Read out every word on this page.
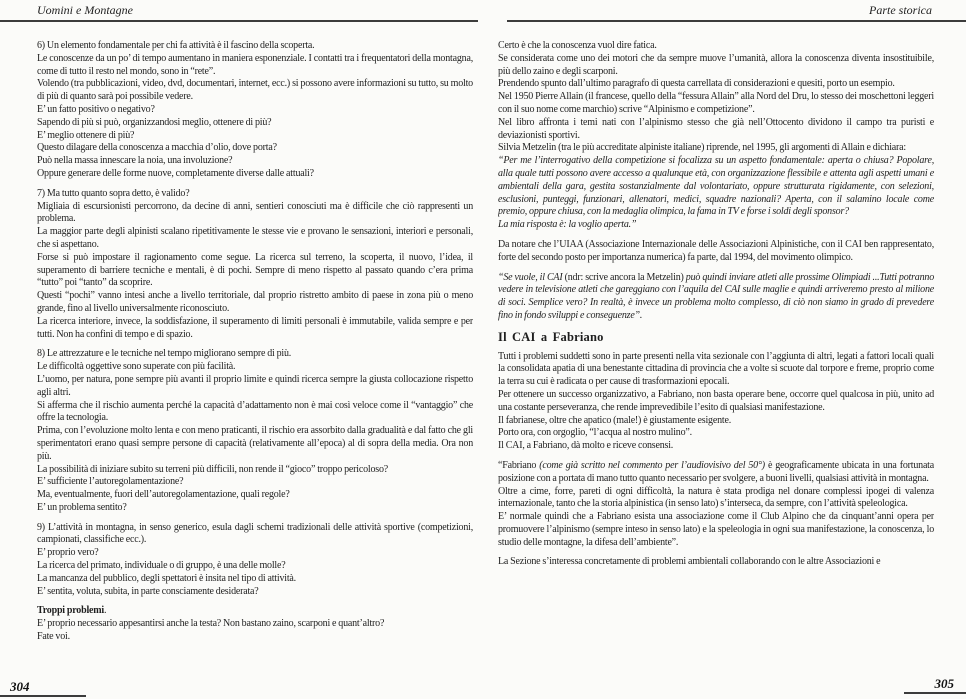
Uomini e Montagne

6) Un elemento fondamentale per chi fa attività è il fascino della scoperta.

Le conoscenze da un po’ di tempo aumentano in maniera esponenziale. I contatti tra i frequentatori della montagna, come di tutto il resto nel mondo, sono in “rete”.

Volendo (tra pubblicazioni, video, dvd, documentari, internet, ecc.) si possono avere informazioni su tutto, su molto di più di quanto sarà poi possibile vedere.

E’ un fatto positivo o negativo?

Sapendo di più si può, organizzandosi meglio, ottenere di più?

E’ meglio ottenere di più?

Questo dilagare della conoscenza a macchia d’olio, dove porta?

Può nella massa innescare la noia, una involuzione?

Oppure generare delle forme nuove, completamente diverse dalle attuali?

7) Ma tutto quanto sopra detto, è valido?

Migliaia di escursionisti percorrono, da decine di anni, sentieri conosciuti ma è difficile che ciò rappresenti un problema.

La maggior parte degli alpinisti scalano ripetitivamente le stesse vie e provano le sensazioni, interiori e personali, che si aspettano.

Forse si può impostare il ragionamento come segue. La ricerca sul terreno, la scoperta, il nuovo, l’idea, il superamento di barriere tecniche e mentali, è di pochi. Sempre di meno rispetto al passato quando c’era prima “tutto” poi “tanto” da scoprire.

Questi “pochi” vanno intesi anche a livello territoriale, dal proprio ristretto ambito di paese in zona più o meno grande, fino al livello universalmente riconosciuto.

La ricerca interiore, invece, la soddisfazione, il superamento di limiti personali è immutabile, valida sempre e per tutti. Non ha confini di tempo e di spazio.

8) Le attrezzature e le tecniche nel tempo migliorano sempre di più.

Le difficoltà oggettive sono superate con più facilità.

L’uomo, per natura, pone sempre più avanti il proprio limite e quindi ricerca sempre la giusta collocazione rispetto agli altri.

Si afferma che il rischio aumenta perché la capacità d’adattamento non è mai così veloce come il “vantaggio” che offre la tecnologia.

Prima, con l’evoluzione molto lenta e con meno praticanti, il rischio era assorbito dalla gradualità e dal fatto che gli sperimentatori erano quasi sempre persone di capacità (relativamente all’epoca) al di sopra della media. Ora non più.

La possibilità di iniziare subito su terreni più difficili, non rende il “gioco” troppo pericoloso?

E’ sufficiente l’autoregolamentazione?

Ma, eventualmente, fuori dell’autoregolamentazione, quali regole?

E’ un problema sentito?

9) L’attività in montagna, in senso generico, esula dagli schemi tradizionali delle attività sportive (competizioni, campionati, classifiche ecc.).

E’ proprio vero?

La ricerca del primato, individuale o di gruppo, è una delle molle?

La mancanza del pubblico, degli spettatori è insita nel tipo di attività.

E’ sentita, voluta, subita, in parte consciamente desiderata?

Troppi problemi.

E’ proprio necessario appesantirsi anche la testa? Non bastano zaino, scarponi e quant’altro?

Fate voi.

304
Parte storica

Certo è che la conoscenza vuol dire fatica.

Se considerata come uno dei motori che da sempre muove l’umanità, allora la conoscenza diventa insostituibile, più dello zaino e degli scarponi.

Prendendo spunto dall’ultimo paragrafo di questa carrellata di considerazioni e quesiti, porto un esempio.

Nel 1950 Pierre Allain (il francese, quello della “fessura Allain” alla Nord del Dru, lo stesso dei moschettoni leggeri con il suo nome come marchio) scrive “Alpinismo e competizione”.

Nel libro affronta i temi nati con l’alpinismo stesso che già nell’Ottocento dividono il campo tra puristi e deviazionisti sportivi.

Silvia Metzelin (tra le più accreditate alpiniste italiane) riprende, nel 1995, gli argomenti di Allain e dichiara:

“Per me l’interrogativo della competizione si focalizza su un aspetto fondamentale: aperta o chiusa? Popolare, alla quale tutti possono avere accesso a qualunque età, con organizzazione flessibile e attenta agli aspetti umani e ambientali della gara, gestita sostanzialmente dal volontariato, oppure strutturata rigidamente, con selezioni, esclusioni, punteggi, funzionari, allenatori, medici, squadre nazionali? Aperta, con il salamino locale come premio, oppure chiusa, con la medaglia olimpica, la fama in TV e forse i soldi degli sponsor?

La mia risposta è: la voglio aperta.”

Da notare che l’UIAA (Associazione Internazionale delle Associazioni Alpinistiche, con il CAI ben rappresentato, forte del secondo posto per importanza numerica) fa parte, dal 1994, del movimento olimpico.

“Se vuole, il CAI (ndr: scrive ancora la Metzelin) può quindi inviare atleti alle prossime Olimpiadi ...Tutti potranno vedere in televisione atleti che gareggiano con l’aquila del CAI sulle maglie e quindi arriveremo presto al milione di soci. Semplice vero? In realtà, è invece un problema molto complesso, di ciò non siamo in grado di prevedere fino in fondo sviluppi e conseguenze”.

Il CAI a Fabriano

Tutti i problemi suddetti sono in parte presenti nella vita sezionale con l’aggiunta di altri, legati a fattori locali quali la consolidata apatia di una benestante cittadina di provincia che a volte si scuote dal torpore e freme, proprio come la terra su cui è radicata o per cause di trasformazioni epocali.

Per ottenere un successo organizzativo, a Fabriano, non basta operare bene, occorre quel qualcosa in più, unito ad una costante perseveranza, che rende imprevedibile l’esito di qualsiasi manifestazione.

Il fabrianese, oltre che apatico (male!) è giustamente esigente.

Porto ora, con orgoglio, “l’acqua al nostro mulino”.

Il CAI, a Fabriano, dà molto e riceve consensi.

“Fabriano (come già scritto nel commento per l’audiovisivo del 50°) è geograficamente ubicata in una fortunata posizione con a portata di mano tutto quanto necessario per svolgere, a buoni livelli, qualsiasi attività in montagna.

Oltre a cime, forre, pareti di ogni difficoltà, la natura è stata prodiga nel donare complessi ipogei di valenza internazionale, tanto che la storia alpinistica (in senso lato) s’interseca, da sempre, con l’attività speleologica.

E’ normale quindi che a Fabriano esista una associazione come il Club Alpino che da cinquant’anni opera per promuovere l’alpinismo (sempre inteso in senso lato) e la speleologia in ogni sua manifestazione, la conoscenza, lo studio delle montagne, la difesa dell’ambiente”.

La Sezione s’interessa concretamente di problemi ambientali collaborando con le altre Associazioni e

305
